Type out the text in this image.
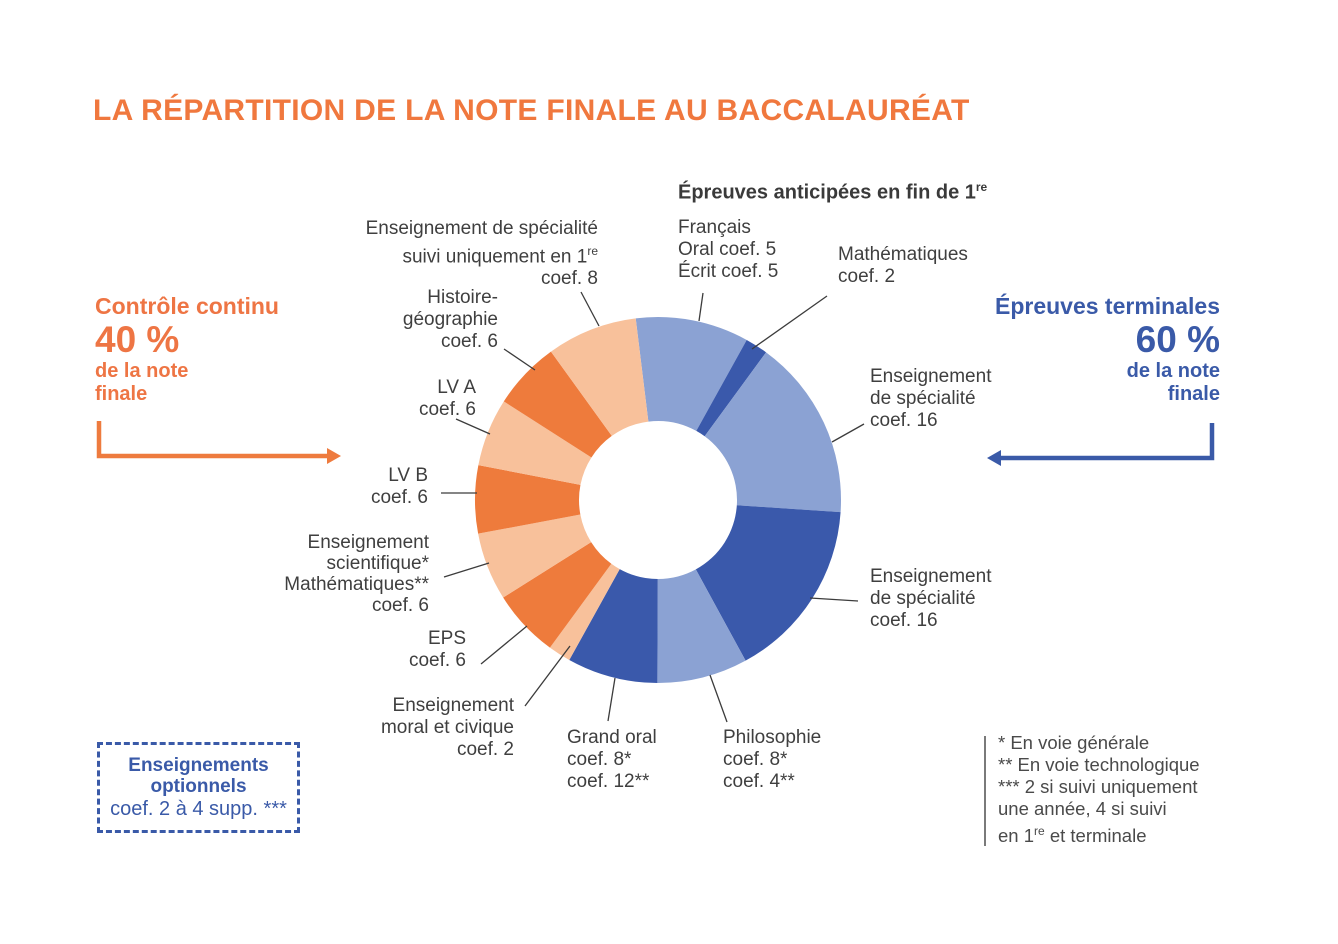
LA RÉPARTITION DE LA NOTE FINALE AU BACCALAURÉAT
Contrôle continu
40 %
de la note
finale
Épreuves terminales
60 %
de la note
finale
Épreuves anticipées en fin de 1re
Français
Oral coef. 5
Écrit coef. 5
Mathématiques
coef. 2
Enseignement
de spécialité
coef. 16
Enseignement
de spécialité
coef. 16
Philosophie
coef. 8*
coef. 4**
Grand oral
coef. 8*
coef. 12**
Enseignement
moral et civique
coef. 2
EPS
coef. 6
Enseignement
scientifique*
Mathématiques**
coef. 6
LV B
coef. 6
LV A
coef. 6
Histoire-
géographie
coef. 6
Enseignement de spécialité
suivi uniquement en 1re
coef. 8
Enseignements
optionnels
coef. 2 à 4 supp. ***
* En voie générale
** En voie technologique
*** 2 si suivi uniquement
une année, 4 si suivi
en 1re et terminale
